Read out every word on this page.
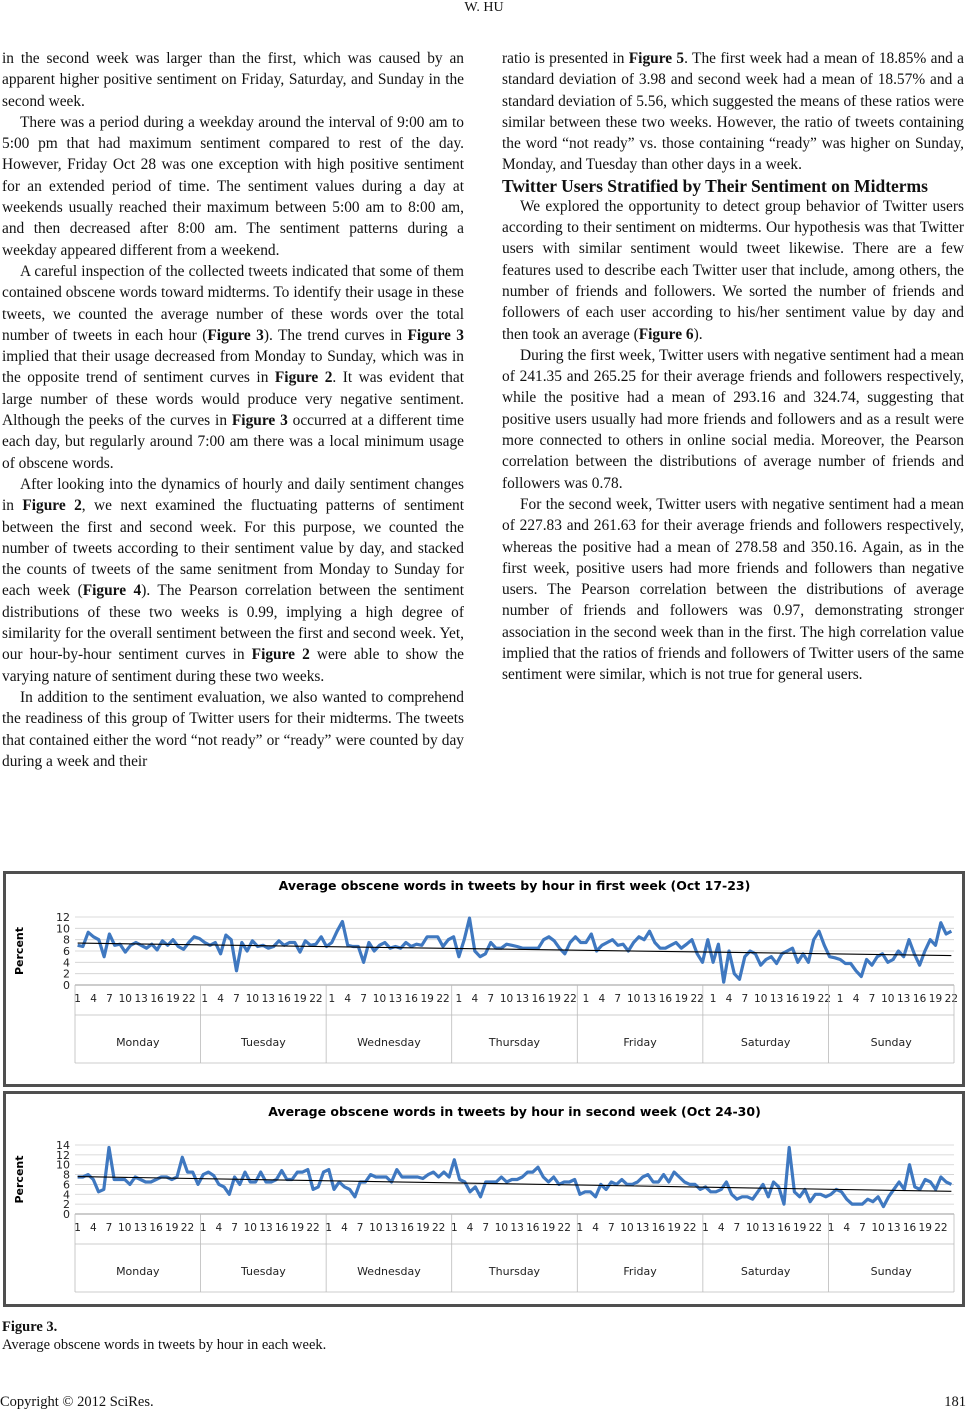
W. HU

in the second week was larger than the first, which was caused by an apparent higher positive sentiment on Friday, Saturday, and Sunday in the second week.

There was a period during a weekday around the interval of 9:00 am to 5:00 pm that had maximum sentiment compared to rest of the day. However, Friday Oct 28 was one exception with high positive sentiment for an extended period of time. The sentiment values during a day at weekends usually reached their maximum between 5:00 am to 8:00 am, and then decreased after 8:00 am. The sentiment patterns during a weekday appeared different from a weekend.

A careful inspection of the collected tweets indicated that some of them contained obscene words toward midterms. To identify their usage in these tweets, we counted the average number of these words over the total number of tweets in each hour (Figure 3). The trend curves in Figure 3 implied that their usage decreased from Monday to Sunday, which was in the opposite trend of sentiment curves in Figure 2. It was evident that large number of these words would produce very negative sentiment. Although the peeks of the curves in Figure 3 occurred at a different time each day, but regularly around 7:00 am there was a local minimum usage of obscene words.

After looking into the dynamics of hourly and daily sentiment changes in Figure 2, we next examined the fluctuating patterns of sentiment between the first and second week. For this purpose, we counted the number of tweets according to their sentiment value by day, and stacked the counts of tweets of the same senitment from Monday to Sunday for each week (Figure 4). The Pearson correlation between the sentiment distributions of these two weeks is 0.99, implying a high degree of similarity for the overall sentiment between the first and second week. Yet, our hour-by-hour sentiment curves in Figure 2 were able to show the varying nature of sentiment during these two weeks.

In addition to the sentiment evaluation, we also wanted to comprehend the readiness of this group of Twitter users for their midterms. The tweets that contained either the word “not ready” or “ready” were counted by day during a week and their

ratio is presented in Figure 5. The first week had a mean of 18.85% and a standard deviation of 3.98 and second week had a mean of 18.57% and a standard deviation of 5.56, which suggested the means of these ratios were similar between these two weeks. However, the ratio of tweets containing the word “not ready” vs. those containing “ready” was higher on Sunday, Monday, and Tuesday than other days in a week.

Twitter Users Stratified by Their Sentiment on Midterms

We explored the opportunity to detect group behavior of Twitter users according to their sentiment on midterms. Our hypothesis was that Twitter users with similar sentiment would tweet likewise. There are a few features used to describe each Twitter user that include, among others, the number of friends and followers. We sorted the number of friends and followers of each user according to his/her sentiment value by day and then took an average (Figure 6).

During the first week, Twitter users with negative sentiment had a mean of 241.35 and 265.25 for their average friends and followers respectively, while the positive had a mean of 293.16 and 324.74, suggesting that positive users usually had more friends and followers and as a result were more connected to others in online social media. Moreover, the Pearson correlation between the distributions of average number of friends and followers was 0.78.

For the second week, Twitter users with negative sentiment had a mean of 227.83 and 261.63 for their average friends and followers respectively, whereas the positive had a mean of 278.58 and 350.16. Again, as in the first week, positive users had more friends and followers than negative users. The Pearson correlation between the distributions of average number of friends and followers was 0.97, demonstrating stronger association in the second week than in the first. The high correlation value implied that the ratios of friends and followers of Twitter users of the same sentiment were similar, which is not true for general users.

Average obscene words in tweets by hour in first week (Oct 17-23)
Percent
0
2
4
6
8
10
12
Monday
1 4 7 10 13 16 19 22
Tuesday
1 4 7 10 13 16 19 22
Wednesday
1 4 7 10 13 16 19 22
Thursday
1 4 7 10 13 16 19 22
Friday
1 4 7 10 13 16 19 22
Saturday
1 4 7 10 13 16 19 22
Sunday
1 4 7 10 13 16 19 22
Average obscene words in tweets by hour in second week (Oct 24-30)
Percent
0
2
4
6
8
10
12
14
Monday
1 4 7 10 13 16 19 22
Tuesday
1 4 7 10 13 16 19 22
Wednesday
1 4 7 10 13 16 19 22
Thursday
1 4 7 10 13 16 19 22
Friday
1 4 7 10 13 16 19 22
Saturday
1 4 7 10 13 16 19 22
Sunday
1 4 7 10 13 16 19 22
Figure 3.
Average obscene words in tweets by hour in each week.
Copyright © 2012 SciRes.	181
